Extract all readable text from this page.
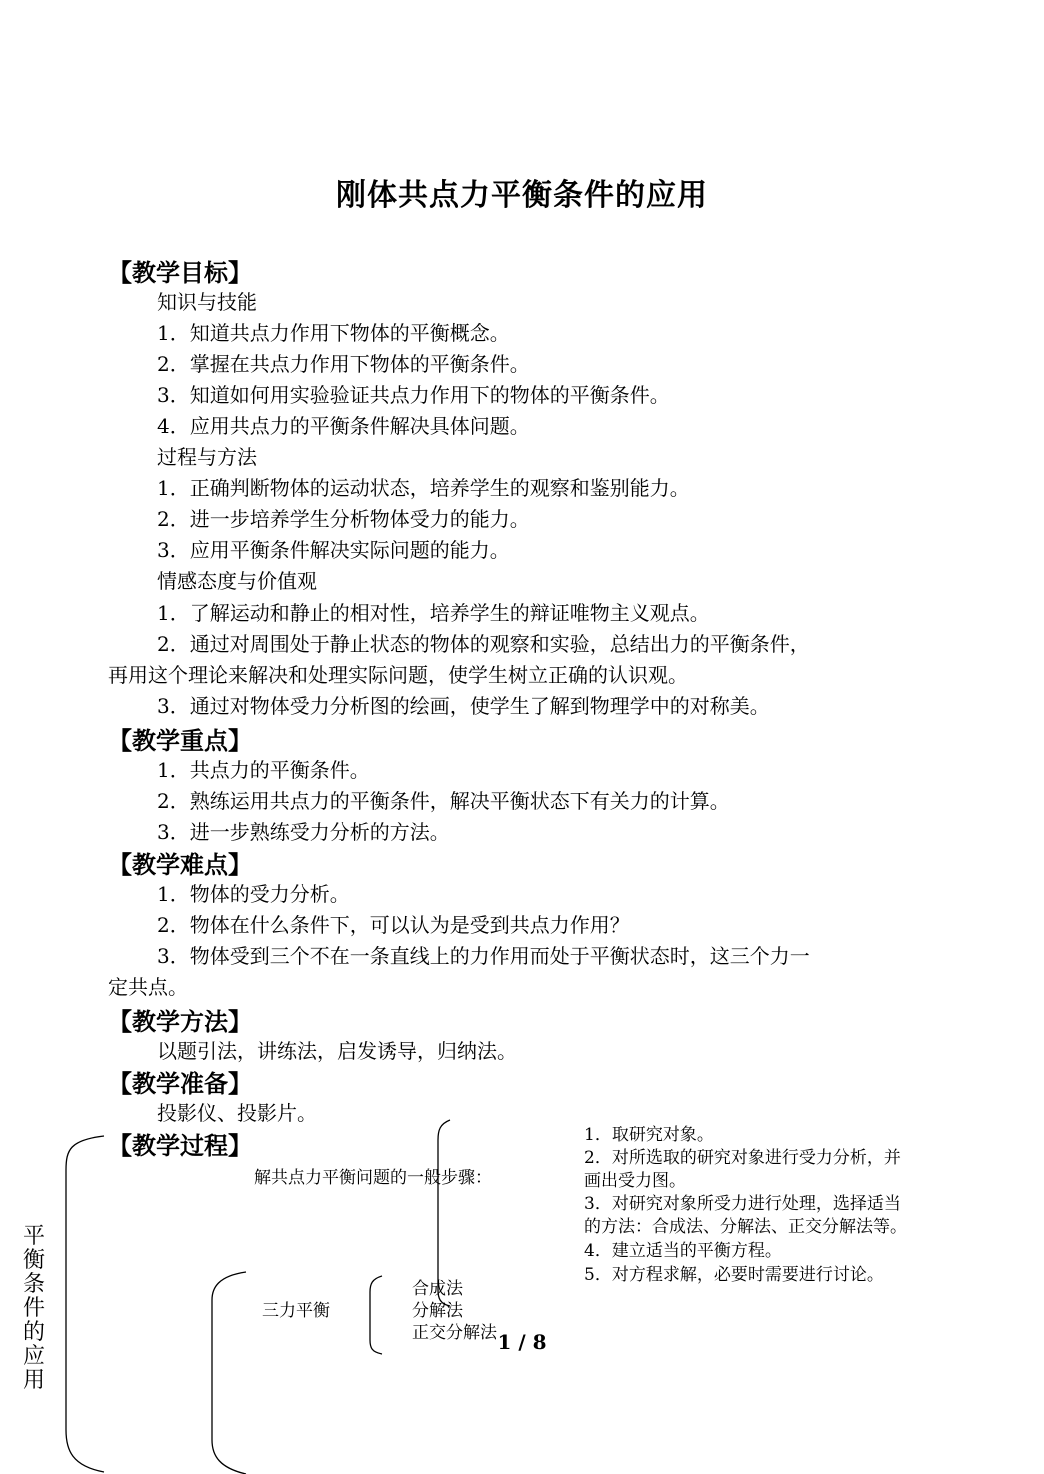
刚体共点力平衡条件的应用
【教学目标】
知识与技能
1．知道共点力作用下物体的平衡概念。
2．掌握在共点力作用下物体的平衡条件。
3．知道如何用实验验证共点力作用下的物体的平衡条件。
4．应用共点力的平衡条件解决具体问题。
过程与方法
1．正确判断物体的运动状态，培养学生的观察和鉴别能力。
2．进一步培养学生分析物体受力的能力。
3．应用平衡条件解决实际问题的能力。
情感态度与价值观
1．了解运动和静止的相对性，培养学生的辩证唯物主义观点。
2．通过对周围处于静止状态的物体的观察和实验，总结出力的平衡条件，
再用这个理论来解决和处理实际问题，使学生树立正确的认识观。
3．通过对物体受力分析图的绘画，使学生了解到物理学中的对称美。
【教学重点】
1．共点力的平衡条件。
2．熟练运用共点力的平衡条件，解决平衡状态下有关力的计算。
3．进一步熟练受力分析的方法。
【教学难点】
1．物体的受力分析。
2．物体在什么条件下，可以认为是受到共点力作用？
3．物体受到三个不在一条直线上的力作用而处于平衡状态时，这三个力一
定共点。
【教学方法】
以题引法，讲练法，启发诱导，归纳法。
【教学准备】
投影仪、投影片。
【教学过程】
平衡条件的应用
解共点力平衡问题的一般步骤：
1．取研究对象。
2．对所选取的研究对象进行受力分析，并
画出受力图。
3．对研究对象所受力进行处理，选择适当
的方法：合成法、分解法、正交分解法等。
4．建立适当的平衡方程。
5．对方程求解，必要时需要进行讨论。
三力平衡
合成法
分解法
正交分解法 1 / 8
